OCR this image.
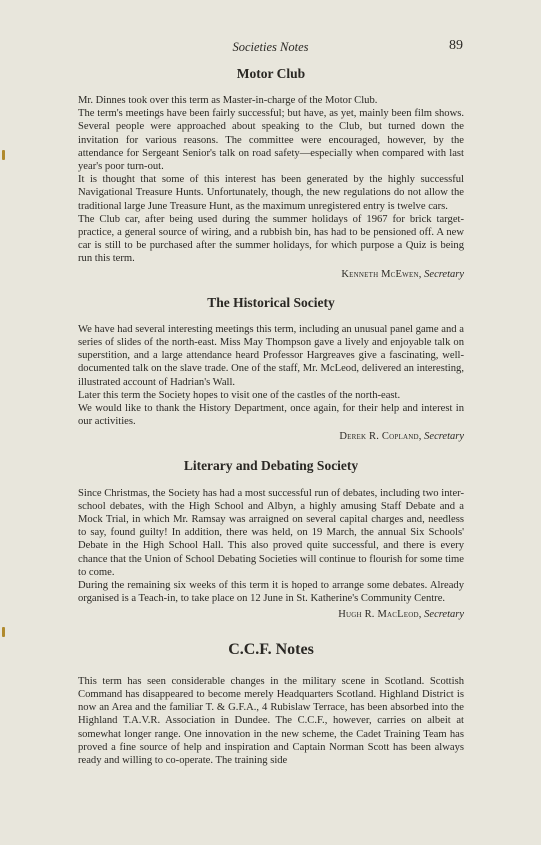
Societies Notes	89
Motor Club

Mr. Dinnes took over this term as Master-in-charge of the Motor Club.

The term's meetings have been fairly successful; but have, as yet, mainly been film shows. Several people were approached about speaking to the Club, but turned down the invitation for various reasons. The committee were encouraged, however, by the attendance for Sergeant Senior's talk on road safety—especially when compared with last year's poor turn-out.

It is thought that some of this interest has been generated by the highly successful Navigational Treasure Hunts. Unfortunately, though, the new regulations do not allow the traditional large June Treasure Hunt, as the maximum unregistered entry is twelve cars.

The Club car, after being used during the summer holidays of 1967 for brick target-practice, a general source of wiring, and a rubbish bin, has had to be pensioned off. A new car is still to be purchased after the summer holidays, for which purpose a Quiz is being run this term.

Kenneth McEwen, Secretary
The Historical Society

We have had several interesting meetings this term, including an unusual panel game and a series of slides of the north-east. Miss May Thompson gave a lively and enjoyable talk on superstition, and a large attendance heard Professor Hargreaves give a fascinating, well-documented talk on the slave trade. One of the staff, Mr. McLeod, delivered an interesting, illustrated account of Hadrian's Wall.

Later this term the Society hopes to visit one of the castles of the north-east.

We would like to thank the History Department, once again, for their help and interest in our activities.

Derek R. Copland, Secretary
Literary and Debating Society

Since Christmas, the Society has had a most successful run of debates, including two inter-school debates, with the High School and Albyn, a highly amusing Staff Debate and a Mock Trial, in which Mr. Ramsay was arraigned on several capital charges and, needless to say, found guilty! In addition, there was held, on 19 March, the annual Six Schools' Debate in the High School Hall. This also proved quite successful, and there is every chance that the Union of School Debating Societies will continue to flourish for some time to come.

During the remaining six weeks of this term it is hoped to arrange some debates. Already organised is a Teach-in, to take place on 12 June in St. Katherine's Community Centre.

Hugh R. MacLeod, Secretary
C.C.F. Notes

This term has seen considerable changes in the military scene in Scotland. Scottish Command has disappeared to become merely Headquarters Scotland. Highland District is now an Area and the familiar T. & G.F.A., 4 Rubislaw Terrace, has been absorbed into the Highland T.A.V.R. Association in Dundee. The C.C.F., however, carries on albeit at somewhat longer range. One innovation in the new scheme, the Cadet Training Team has proved a fine source of help and inspiration and Captain Norman Scott has been always ready and willing to co-operate. The training side
